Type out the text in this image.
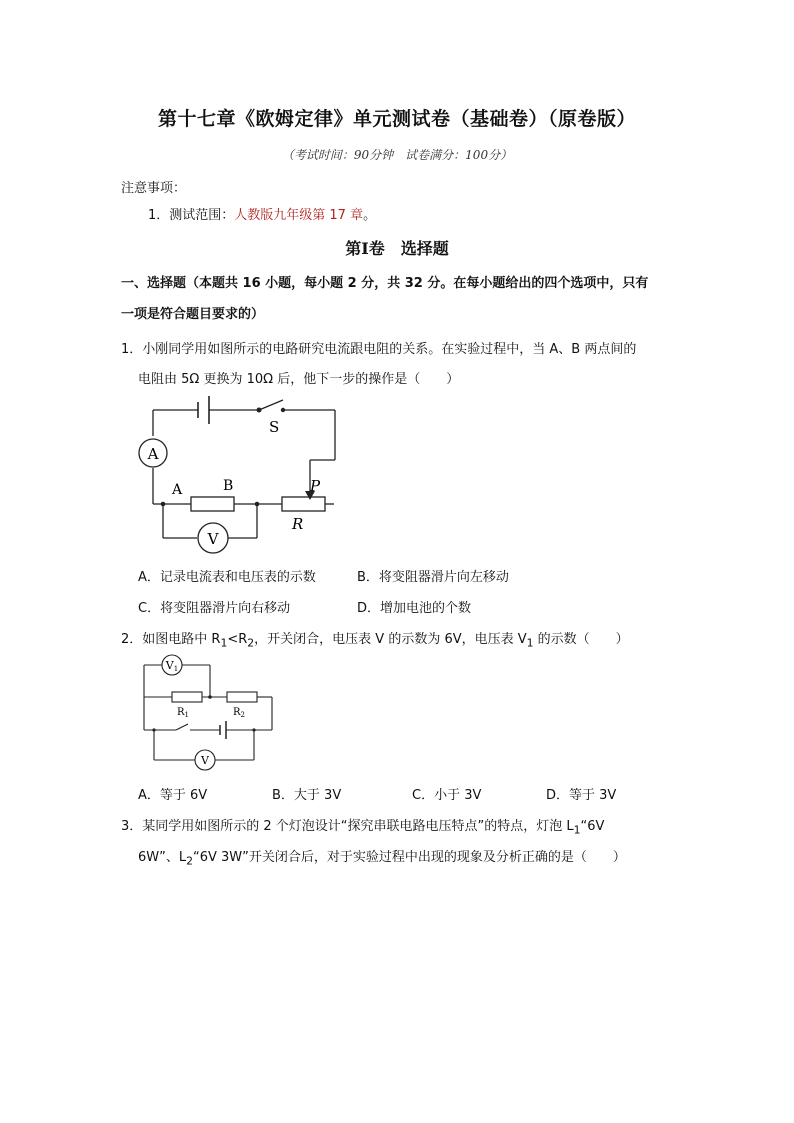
第十七章《欧姆定律》单元测试卷（基础卷）（原卷版）
（考试时间：90分钟　试卷满分：100分）
注意事项：
1．测试范围：人教版九年级第 17 章。
第Ⅰ卷　选择题
一、选择题（本题共 16 小题，每小题 2 分，共 32 分。在每小题给出的四个选项中，只有
一项是符合题目要求的）
1．小刚同学用如图所示的电路研究电流跟电阻的关系。在实验过程中，当 A、B 两点间的
电阻由 5Ω 更换为 10Ω 后，他下一步的操作是（　　）
A
S
A	B	P
R
V
A．记录电流表和电压表的示数	B．将变阻器滑片向左移动
C．将变阻器滑片向右移动	D．增加电池的个数
2．如图电路中 $R_1<R_2$，开关闭合，电压表 V 的示数为 6V，电压表 $V_1$ 的示数（　　）
V1
$R_1$	$R_2$
V
A．等于 6V	B．大于 3V	C．小于 3V	D．等于 3V
3．某同学用如图所示的 2 个灯泡设计“探究串联电路电压特点”的特点，灯泡 $L_1“6V$
6W”、$L_2“6V$ 3W”开关闭合后，对于实验过程中出现的现象及分析正确的是（　　）
